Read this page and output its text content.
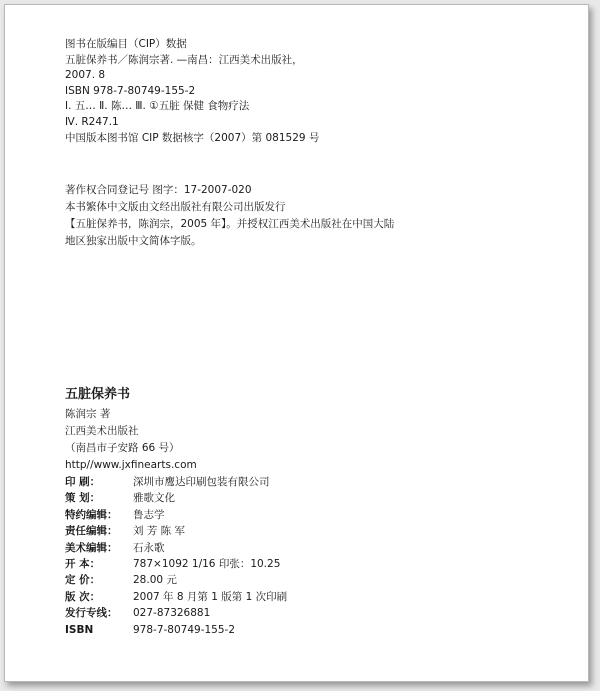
图书在版编目（CIP）数据
五脏保养书／陈润宗著. —南昌：江西美术出版社，
2007. 8
ISBN 978-7-80749-155-2
Ⅰ. 五… Ⅱ. 陈… Ⅲ. ①五脏 保健 食物疗法
Ⅳ. R247.1
中国版本图书馆 CIP 数据核字（2007）第 081529 号
著作权合同登记号 图字：17-2007-020
本书繁体中文版由文经出版社有限公司出版发行
【五脏保养书，陈润宗，2005 年】。并授权江西美术出版社在中国大陆
地区独家出版中文简体字版。
五脏保养书
陈润宗 著
江西美术出版社
（南昌市子安路 66 号）
http//www.jxfinearts.com
印 刷：	深圳市鹰达印刷包装有限公司
策 划：	雅歌文化
特约编辑：	鲁志学
责任编辑：	刘 芳 陈 军
美术编辑：	石永歌
开 本：	787×1092 1/16 印张：10.25
定 价：	28.00 元
版 次：	2007 年 8 月第 1 版第 1 次印刷
发行专线：	027-87326881
ISBN	978-7-80749-155-2
